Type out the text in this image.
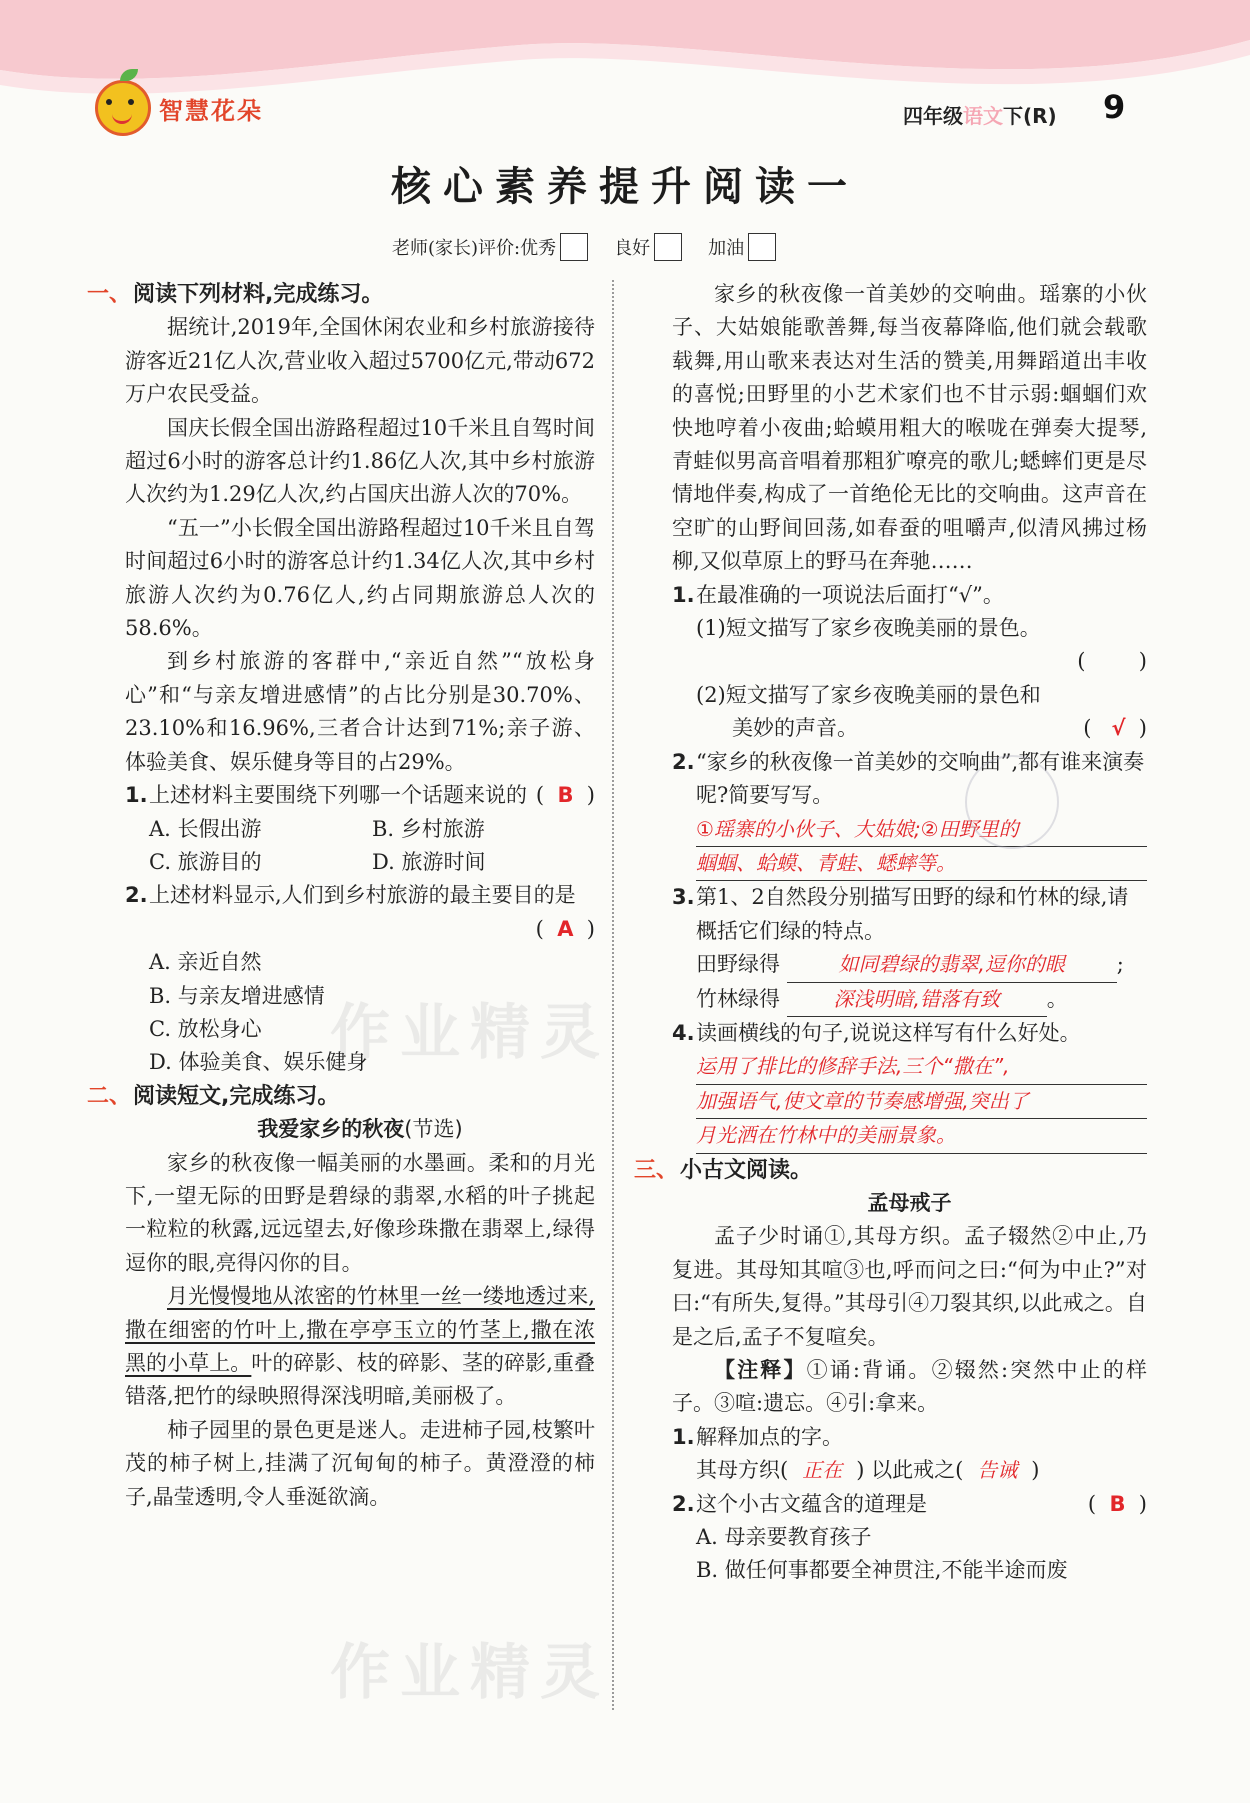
智慧花朵	四年级语文下(R) 9
核心素养提升阅读一
老师(家长)评价:优秀	良好	加油
一、 阅读下列材料,完成练习。

据统计,2019年,全国休闲农业和乡村旅游接待游客近21亿人次,营业收入超过5700亿元,带动672万户农民受益。

国庆长假全国出游路程超过10千米且自驾时间超过6小时的游客总计约1.86亿人次,其中乡村旅游人次约为1.29亿人次,约占国庆出游人次的70%。

“五一”小长假全国出游路程超过10千米且自驾时间超过6小时的游客总计约1.34亿人次,其中乡村旅游人次约为0.76亿人,约占同期旅游总人次的58.6%。

到乡村旅游的客群中,“亲近自然”“放松身心”和“与亲友增进感情”的占比分别是30.70%、23.10%和16.96%,三者合计达到71%;亲子游、体验美食、娱乐健身等目的占29%。

1. 上述材料主要围绕下列哪一个话题来说的 (  B  )
A. 长假出游	B. 乡村旅游
C. 旅游目的	D. 旅游时间
2. 上述材料显示,人们到乡村旅游的最主要目的是
(  A  )
A. 亲近自然
B. 与亲友增进感情
C. 放松身心
D. 体验美食、娱乐健身
二、 阅读短文,完成练习。
我爱家乡的秋夜(节选)

家乡的秋夜像一幅美丽的水墨画。柔和的月光下,一望无际的田野是碧绿的翡翠,水稻的叶子挑起一粒粒的秋露,远远望去,好像珍珠撒在翡翠上,绿得逗你的眼,亮得闪你的目。

月光慢慢地从浓密的竹林里一丝一缕地透过来,撒在细密的竹叶上,撒在亭亭玉立的竹茎上,撒在浓黑的小草上。叶的碎影、枝的碎影、茎的碎影,重叠错落,把竹的绿映照得深浅明暗,美丽极了。

柿子园里的景色更是迷人。走进柿子园,枝繁叶茂的柿子树上,挂满了沉甸甸的柿子。黄澄澄的柿子,晶莹透明,令人垂涎欲滴。

家乡的秋夜像一首美妙的交响曲。瑶寨的小伙子、大姑娘能歌善舞,每当夜幕降临,他们就会载歌载舞,用山歌来表达对生活的赞美,用舞蹈道出丰收的喜悦;田野里的小艺术家们也不甘示弱:蝈蝈们欢快地哼着小夜曲;蛤蟆用粗大的喉咙在弹奏大提琴,青蛙似男高音唱着那粗犷嘹亮的歌儿;蟋蟀们更是尽情地伴奏,构成了一首绝伦无比的交响曲。这声音在空旷的山野间回荡,如春蚕的咀嚼声,似清风拂过杨柳,又似草原上的野马在奔驰……

1. 在最准确的一项说法后面打“√”。
(1)短文描写了家乡夜晚美丽的景色。
(        )
(2)短文描写了家乡夜晚美丽的景色和
美妙的声音。	(   √  )
2. “家乡的秋夜像一首美妙的交响曲”,都有谁来演奏呢?简要写写。
①瑶寨的小伙子、大姑娘;②田野里的
蝈蝈、蛤蟆、青蛙、蟋蟀等。
3. 第1、2自然段分别描写田野的绿和竹林的绿,请概括它们绿的特点。
田野绿得	如同碧绿的翡翠,逗你的眼 ;
竹林绿得	深浅明暗,错落有致 。
4. 读画横线的句子,说说这样写有什么好处。
运用了排比的修辞手法,三个“撒在”,
加强语气,使文章的节奏感增强,突出了
月光洒在竹林中的美丽景象。
三、 小古文阅读。
孟母戒子

孟子少时诵①,其母方织。孟子辍然②中止,乃复进。其母知其喧③也,呼而问之曰:“何为中止?”对曰:“有所失,复得。”其母引④刀裂其织,以此戒之。自是之后,孟子不复喧矣。

【注释】①诵:背诵。②辍然:突然中止的样子。③喧:遗忘。④引:拿来。

1. 解释加点的字。
其母方织( 正在 ) 以此戒之( 告诫 )
2. 这个小古文蕴含的道理是	(  B  )
A. 母亲要教育孩子
B. 做任何事都要全神贯注,不能半途而废
作业精灵
作业精灵
